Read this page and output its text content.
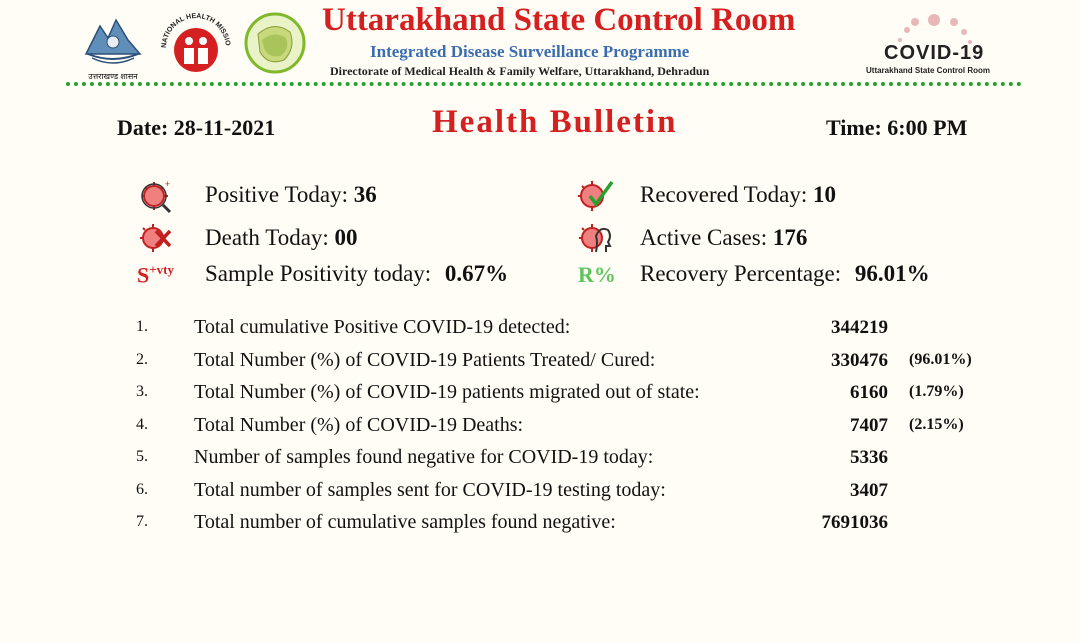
उत्तराखण्ड शासन
NATIONAL HEALTH MISSIO
Uttarakhand State Control Room
Integrated Disease Surveillance Programme
Directorate of Medical Health & Family Welfare, Uttarakhand, Dehradun
COVID-19
Uttarakhand State Control Room
Date: 28-11-2021	Health Bulletin	Time: 6:00 PM
+
$S^{+vty}$	R%
Positive Today: 36	Recovered Today: 10
Death Today: 00	Active Cases: 176
Sample Positivity today: 0.67%	Recovery Percentage: 96.01%
1.	Total cumulative Positive COVID-19 detected:	344219
2.	Total Number (%) of COVID-19 Patients Treated/ Cured:	330476 (96.01%)
3.	Total Number (%) of COVID-19 patients migrated out of state:	6160 (1.79%)
4.	Total Number (%) of COVID-19 Deaths:	7407 (2.15%)
5.	Number of samples found negative for COVID-19 today:	5336
6.	Total number of samples sent for COVID-19 testing today:	3407
7.	Total number of cumulative samples found negative:	7691036
